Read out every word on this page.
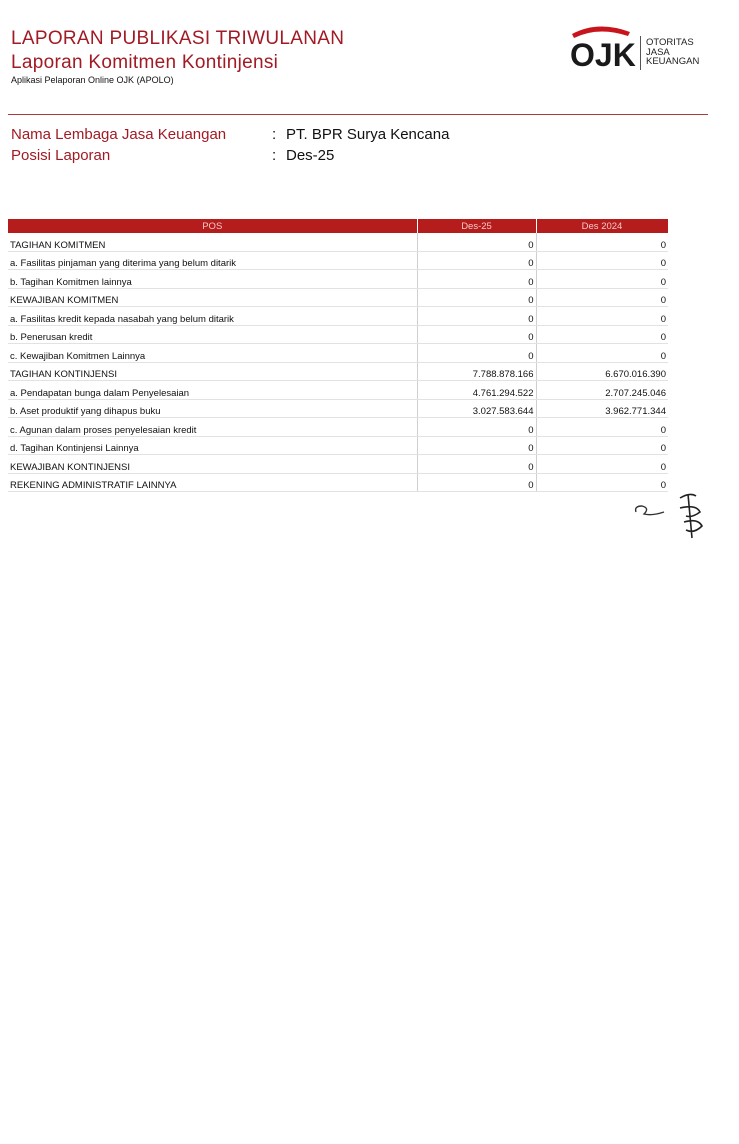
LAPORAN PUBLIKASI TRIWULANAN
Laporan Komitmen Kontinjensi
Aplikasi Pelaporan Online OJK (APOLO)
OJK OTORITAS
JASA
KEUANGAN
Nama Lembaga Jasa Keuangan	: PT. BPR Surya Kencana
Posisi Laporan	: Des-25
POS	Des-25	Des 2024
TAGIHAN KOMITMEN	0	0
a. Fasilitas pinjaman yang diterima yang belum ditarik	0	0
b. Tagihan Komitmen lainnya	0	0
KEWAJIBAN KOMITMEN	0	0
a. Fasilitas kredit kepada nasabah yang belum ditarik	0	0
b. Penerusan kredit	0	0
c. Kewajiban Komitmen Lainnya	0	0
TAGIHAN KONTINJENSI	7.788.878.166	6.670.016.390
a. Pendapatan bunga dalam Penyelesaian	4.761.294.522	2.707.245.046
b. Aset produktif yang dihapus buku	3.027.583.644	3.962.771.344
c. Agunan dalam proses penyelesaian kredit	0	0
d. Tagihan Kontinjensi Lainnya	0	0
KEWAJIBAN KONTINJENSI	0	0
REKENING ADMINISTRATIF LAINNYA	0	0
